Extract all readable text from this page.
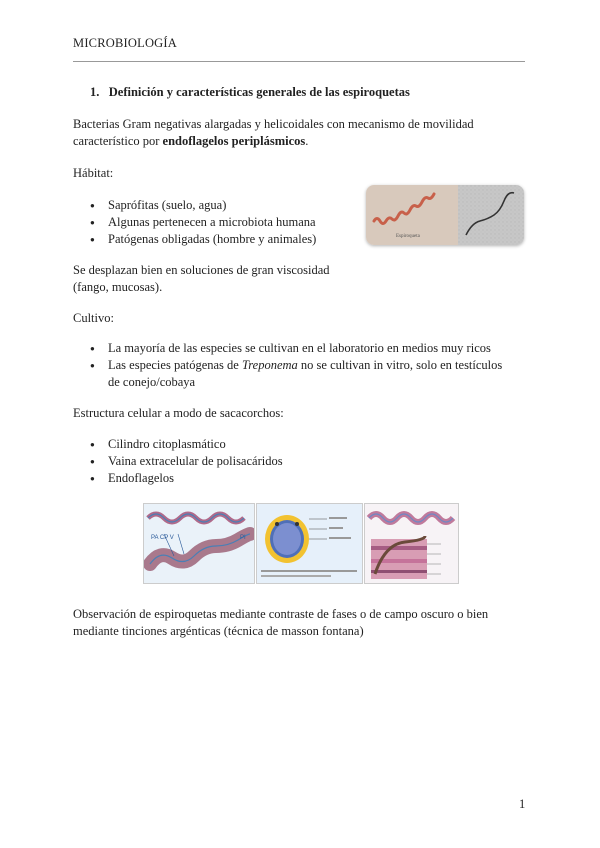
MICROBIOLOGÍA
1.   Definición y características generales de las espiroquetas
Bacterias Gram negativas alargadas y helicoidales con mecanismo de movilidad característico por endoflagelos periplásmicos.
Hábitat:
● Saprófitas (suelo, agua)
● Algunas pertenecen a microbiota humana
● Patógenas obligadas (hombre y animales)	Espiroqueta
Se desplazan bien en soluciones de gran viscosidad (fango, mucosas).
Cultivo:
● La mayoría de las especies se cultivan en el laboratorio en medios muy ricos
● Las especies patógenas de Treponema no se cultivan in vitro, solo en testículos de conejo/cobaya
Estructura celular a modo de sacacorchos:
● Cilindro citoplasmático
● Vaina extracelular de polisacáridos
● Endoflagelos
PA CP V	PI
Observación de espiroquetas mediante contraste de fases o de campo oscuro o bien mediante tinciones argénticas (técnica de masson fontana)
1
